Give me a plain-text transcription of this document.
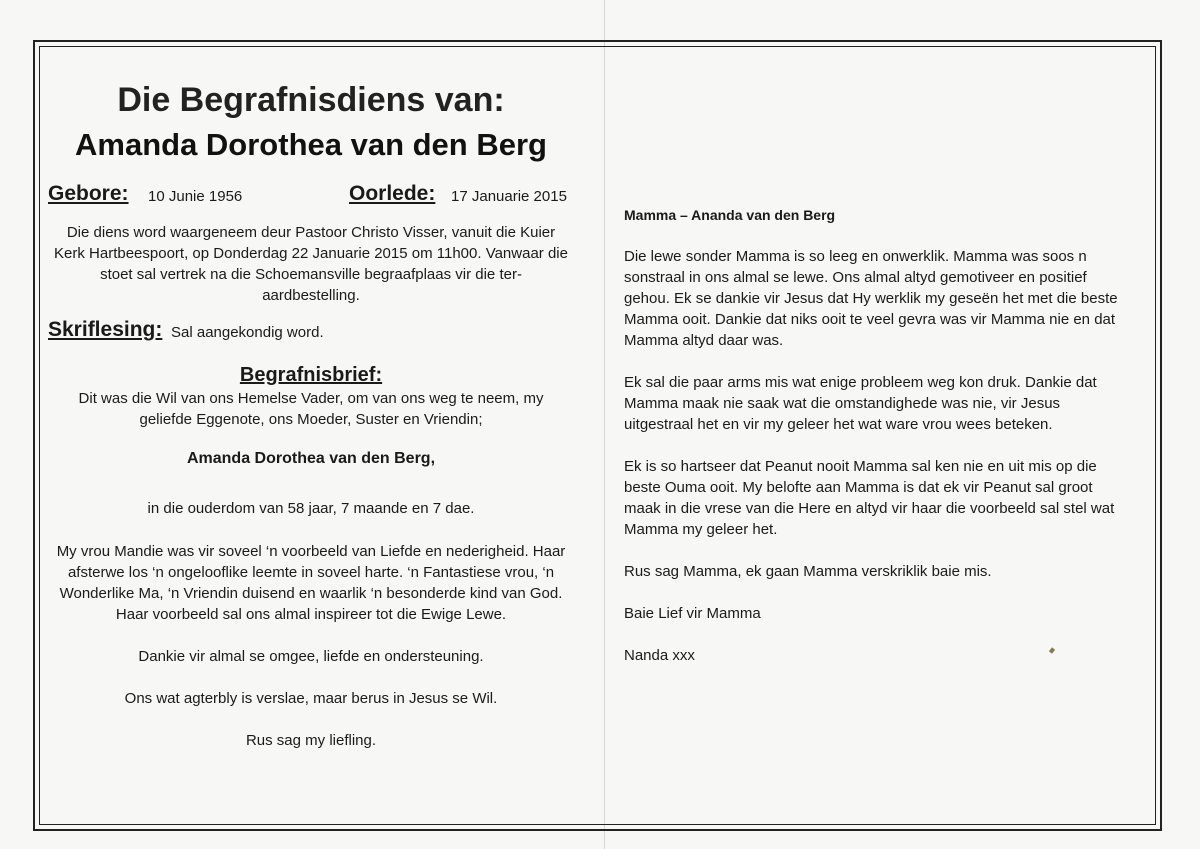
Die Begrafnisdiens van:
Amanda Dorothea van den Berg
Gebore: 10 Junie 1956	Oorlede: 17 Januarie 2015

Die diens word waargeneem deur Pastoor Christo Visser, vanuit die Kuier Kerk Hartbeespoort, op Donderdag 22 Januarie 2015 om 11h00. Vanwaar die stoet sal vertrek na die Schoemansville begraafplaas vir die ter-aardbestelling.

Skriflesing: Sal aangekondig word.

Begrafnisbrief:

Dit was die Wil van ons Hemelse Vader, om van ons weg te neem, my geliefde Eggenote, ons Moeder, Suster en Vriendin;

Amanda Dorothea van den Berg,

in die ouderdom van 58 jaar, 7 maande en 7 dae.

My vrou Mandie was vir soveel ‘n voorbeeld van Liefde en nederigheid. Haar afsterwe los ‘n ongelooflike leemte in soveel harte. ‘n Fantastiese vrou, ‘n Wonderlike Ma, ‘n Vriendin duisend en waarlik ‘n besonderde kind van God. Haar voorbeeld sal ons almal inspireer tot die Ewige Lewe.

Dankie vir almal se omgee, liefde en ondersteuning.

Ons wat agterbly is verslae, maar berus in Jesus se Wil.

Rus sag my liefling.

Mamma – Ananda van den Berg

Die lewe sonder Mamma is so leeg en onwerklik. Mamma was soos n sonstraal in ons almal se lewe. Ons almal altyd gemotiveer en positief gehou. Ek se dankie vir Jesus dat Hy werklik my geseën het met die beste Mamma ooit. Dankie dat niks ooit te veel gevra was vir Mamma nie en dat Mamma altyd daar was.

Ek sal die paar arms mis wat enige probleem weg kon druk. Dankie dat Mamma maak nie saak wat die omstandighede was nie, vir Jesus uitgestraal het en vir my geleer het wat ware vrou wees beteken.

Ek is so hartseer dat Peanut nooit Mamma sal ken nie en uit mis op die beste Ouma ooit. My belofte aan Mamma is dat ek vir Peanut sal groot maak in die vrese van die Here en altyd vir haar die voorbeeld sal stel wat Mamma my geleer het.

Rus sag Mamma, ek gaan Mamma verskriklik baie mis.

Baie Lief vir Mamma

Nanda xxx
